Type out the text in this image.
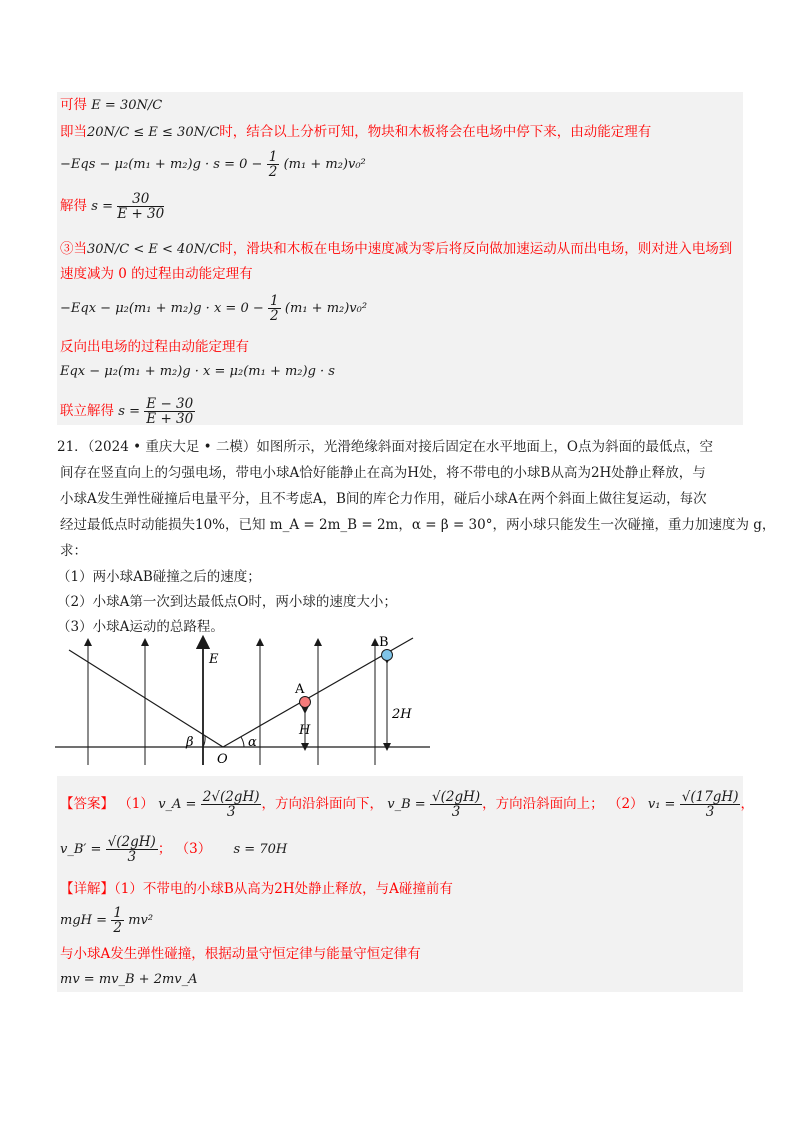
可得 E = 30N/C
即当20N/C ≤ E ≤ 30N/C时，结合以上分析可知，物块和木板将会在电场中停下来，由动能定理有
$-Eqs - \mu_2(m_1 + m_2)g \cdot s = 0 - \frac{1}{2} (m_1 + m_2)v_0^2$
解得 $s = \frac{30}{E + 30}$
③当30N/C < E < 40N/C时，滑块和木板在电场中速度减为零后将反向做加速运动从而出电场，则对进入电场到
速度减为 0 的过程由动能定理有
$-Eqx - \mu_2(m_1 + m_2)g \cdot x = 0 - \frac{1}{2} (m_1 + m_2)v_0^2$
反向出电场的过程由动能定理有
Eqx − μ₂(m₁ + m₂)g · x = μ₂(m₁ + m₂)g · s
联立解得 $s = \frac{E - 30}{E + 30}$
21．（2024 • 重庆大足 • 二模）如图所示，光滑绝缘斜面对接后固定在水平地面上，O点为斜面的最低点，空
间存在竖直向上的匀强电场，带电小球A恰好能静止在高为H处，将不带电的小球B从高为2H处静止释放，与
小球A发生弹性碰撞后电量平分，且不考虑A，B间的库仑力作用，碰后小球A在两个斜面上做往复运动，每次
经过最低点时动能损失10%，已知 m_A = 2m_B = 2m，α = β = 30°，两小球只能发生一次碰撞，重力加速度为 g，
求：
（1）两小球AB碰撞之后的速度；
（2）小球A第一次到达最低点O时，两小球的速度大小；
（3）小球A运动的总路程。
E
A
B
H
2H
O
α
β
【答案】 （1） v_A = $\frac{2√(2gH)}{3}$ ，方向沿斜面向下， v_B = $\frac{√(2gH)}{3}$ ，方向沿斜面向上； （2） $v_1 = \frac{√(17gH)}{3}$ ，
v_B′ = $\frac{√(2gH)}{3}$ ； （3） s = 70H
【详解】（1）不带电的小球B从高为2H处静止释放，与A碰撞前有
mgH = $\frac{1}{2} mv^2$
与小球A发生弹性碰撞，根据动量守恒定律与能量守恒定律有
mv = mv_B + 2mv_A
